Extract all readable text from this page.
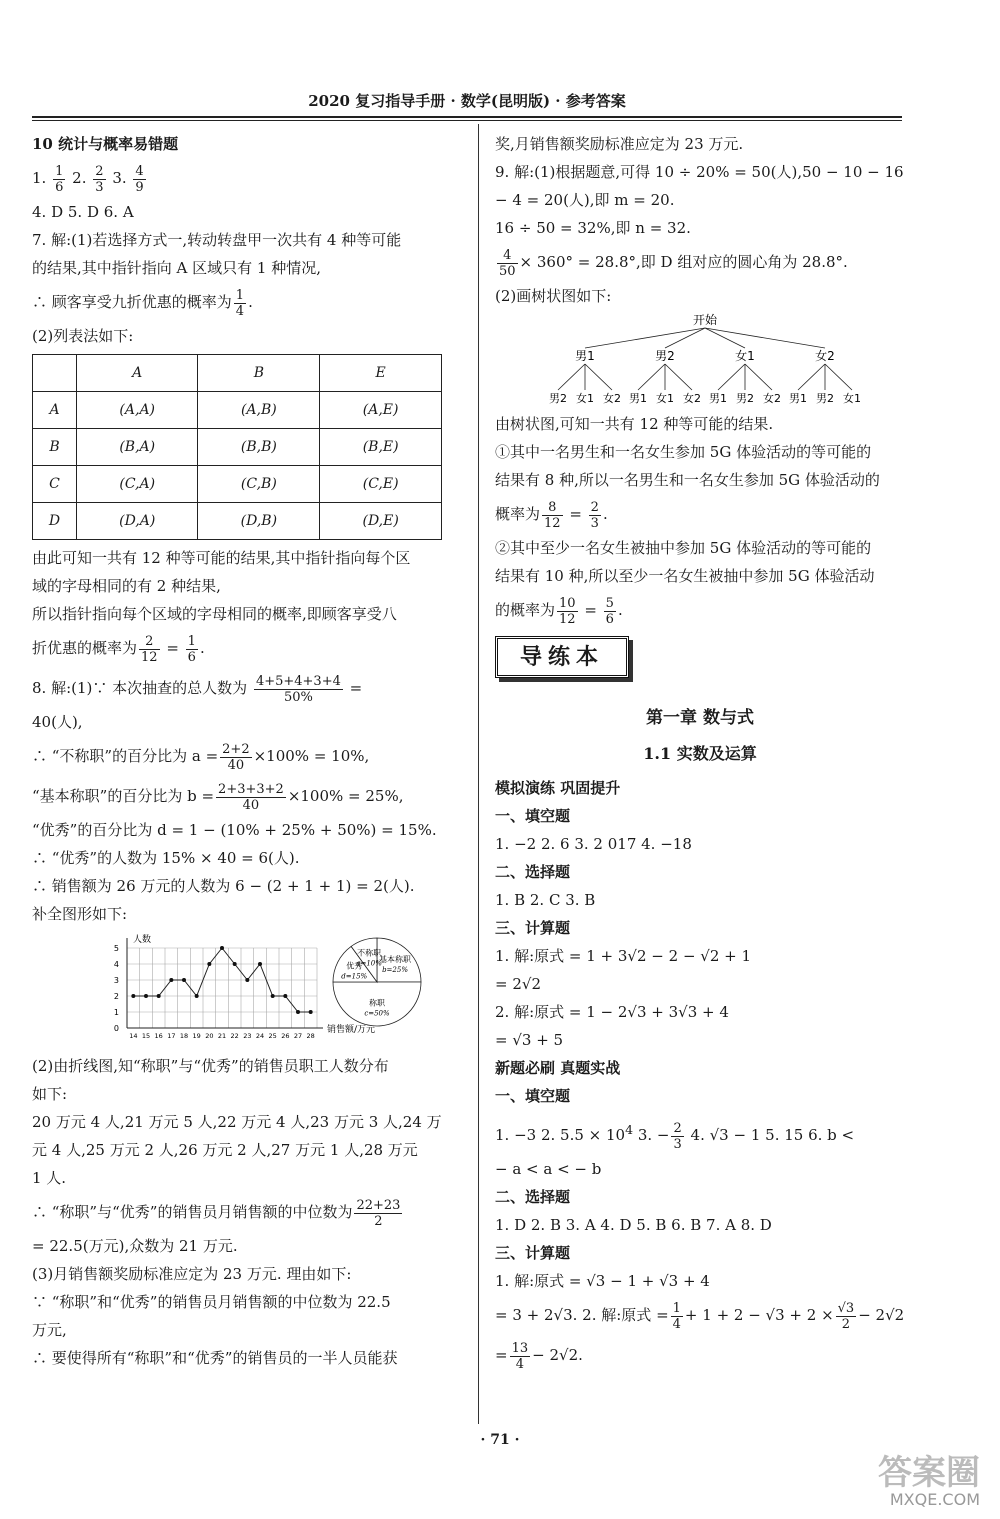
2020 复习指导手册 · 数学(昆明版) · 参考答案
10 统计与概率易错题
1. $\frac{1}{6} 2$. $\frac{2}{3} 3$. $\frac{4}{9}$
4. D 5. D 6. A
7. 解:(1)若选择方式一,转动转盘甲一次共有 4 种等可能
的结果,其中指针指向 A 区域只有 1 种情况,
∴ 顾客享受九折优惠的概率为 $\frac{1}{4}$ .
(2)列表法如下:
	A	B	E
A	(A,A)	(A,B)	(A,E)
B	(B,A)	(B,B)	(B,E)
C	(C,A)	(C,B)	(C,E)
D	(D,A)	(D,B)	(D,E)
由此可知一共有 12 种等可能的结果,其中指针指向每个区
域的字母相同的有 2 种结果,
所以指针指向每个区域的字母相同的概率,即顾客享受八
折优惠的概率为 $\frac{2}{12} = \frac{1}{6}$ .
8. 解:(1)∵ 本次抽查的总人数为 $\frac{4+5+4+3+4}{50\%}$ =
40(人),
∴ “不称职”的百分比为 $a = \frac{2+2}{40} \times 100\% = 10\%$,
“基本称职”的百分比为 $b = \frac{2+3+3+2}{40} \times 100\% = 25\%$,
“优秀”的百分比为 d = 1 − (10% + 25% + 50%) = 15%.
∴ “优秀”的人数为 15% × 40 = 6(人).
∴ 销售额为 26 万元的人数为 6 − (2 + 1 + 1) = 2(人).
补全图形如下:
0
1
2
3
4
5
人数
销售额/万元
14 15 16 17 18 19 20 21 22 23 24 25 26 27 28
基本称职
b=25%
称职
c=50%
优秀
d=15%
不称职
a=10%
(2)由折线图,知“称职”与“优秀”的销售员职工人数分布
如下:
20 万元 4 人,21 万元 5 人,22 万元 4 人,23 万元 3 人,24 万
元 4 人,25 万元 2 人,26 万元 2 人,27 万元 1 人,28 万元
1 人.
∴ “称职”与“优秀”的销售员月销售额的中位数为 $\frac{22+23}{2}$
= 22.5(万元),众数为 21 万元.
(3)月销售额奖励标准应定为 23 万元. 理由如下:
∵ “称职”和“优秀”的销售员月销售额的中位数为 22.5
万元,
∴ 要使得所有“称职”和“优秀”的销售员的一半人员能获
奖,月销售额奖励标准应定为 23 万元.
9. 解:(1)根据题意,可得 10 ÷ 20% = 50(人),50 − 10 − 16
− 4 = 20(人),即 m = 20.
16 ÷ 50 = 32%,即 n = 32.
$\frac{4}{50} \times 360^\circ = 28.8^\circ$,即 D 组对应的圆心角为 28.8°.
(2)画树状图如下:
开始
男1
男2 女1 女2
男2
男1 女1 女2
女1
男1 男2 女2
女2
男1 男2 女1
由树状图,可知一共有 12 种等可能的结果.
①其中一名男生和一名女生参加 5G 体验活动的等可能的
结果有 8 种,所以一名男生和一名女生参加 5G 体验活动的
概率为 $\frac{8}{12} = \frac{2}{3}$ .
②其中至少一名女生被抽中参加 5G 体验活动的等可能的
结果有 10 种,所以至少一名女生被抽中参加 5G 体验活动
的概率为 $\frac{10}{12} = \frac{5}{6}$ .
导练本
第一章 数与式
1.1 实数及运算
模拟演练 巩固提升
一、填空题
1. −2 2. 6 3. 2 017 4. −18
二、选择题
1. B 2. C 3. B
三、计算题
1. 解:原式 = 1 + 3√2 − 2 − √2 + 1
= 2√2
2. 解:原式 = 1 − 2√3 + 3√3 + 4
= √3 + 5
新题必刷 真题实战
一、填空题
1. −3 2. $5.5 \times 10^4$ 3. − $\frac{2}{3} 4$. √3 − 1 5. 15 6. b <
− a < a < − b
二、选择题
1. D 2. B 3. A 4. D 5. B 6. B 7. A 8. D
三、计算题
1. 解:原式 = √3 − 1 + √3 + 4
= 3 + 2√3. 2. 解:原式 = $\frac{1}{4} + 1 + 2 - √3 + 2 \times \frac{√3}{2} - 2√2$
= $\frac{13}{4} - 2√2$.
· 71 ·
答案圈
MXQE.COM
